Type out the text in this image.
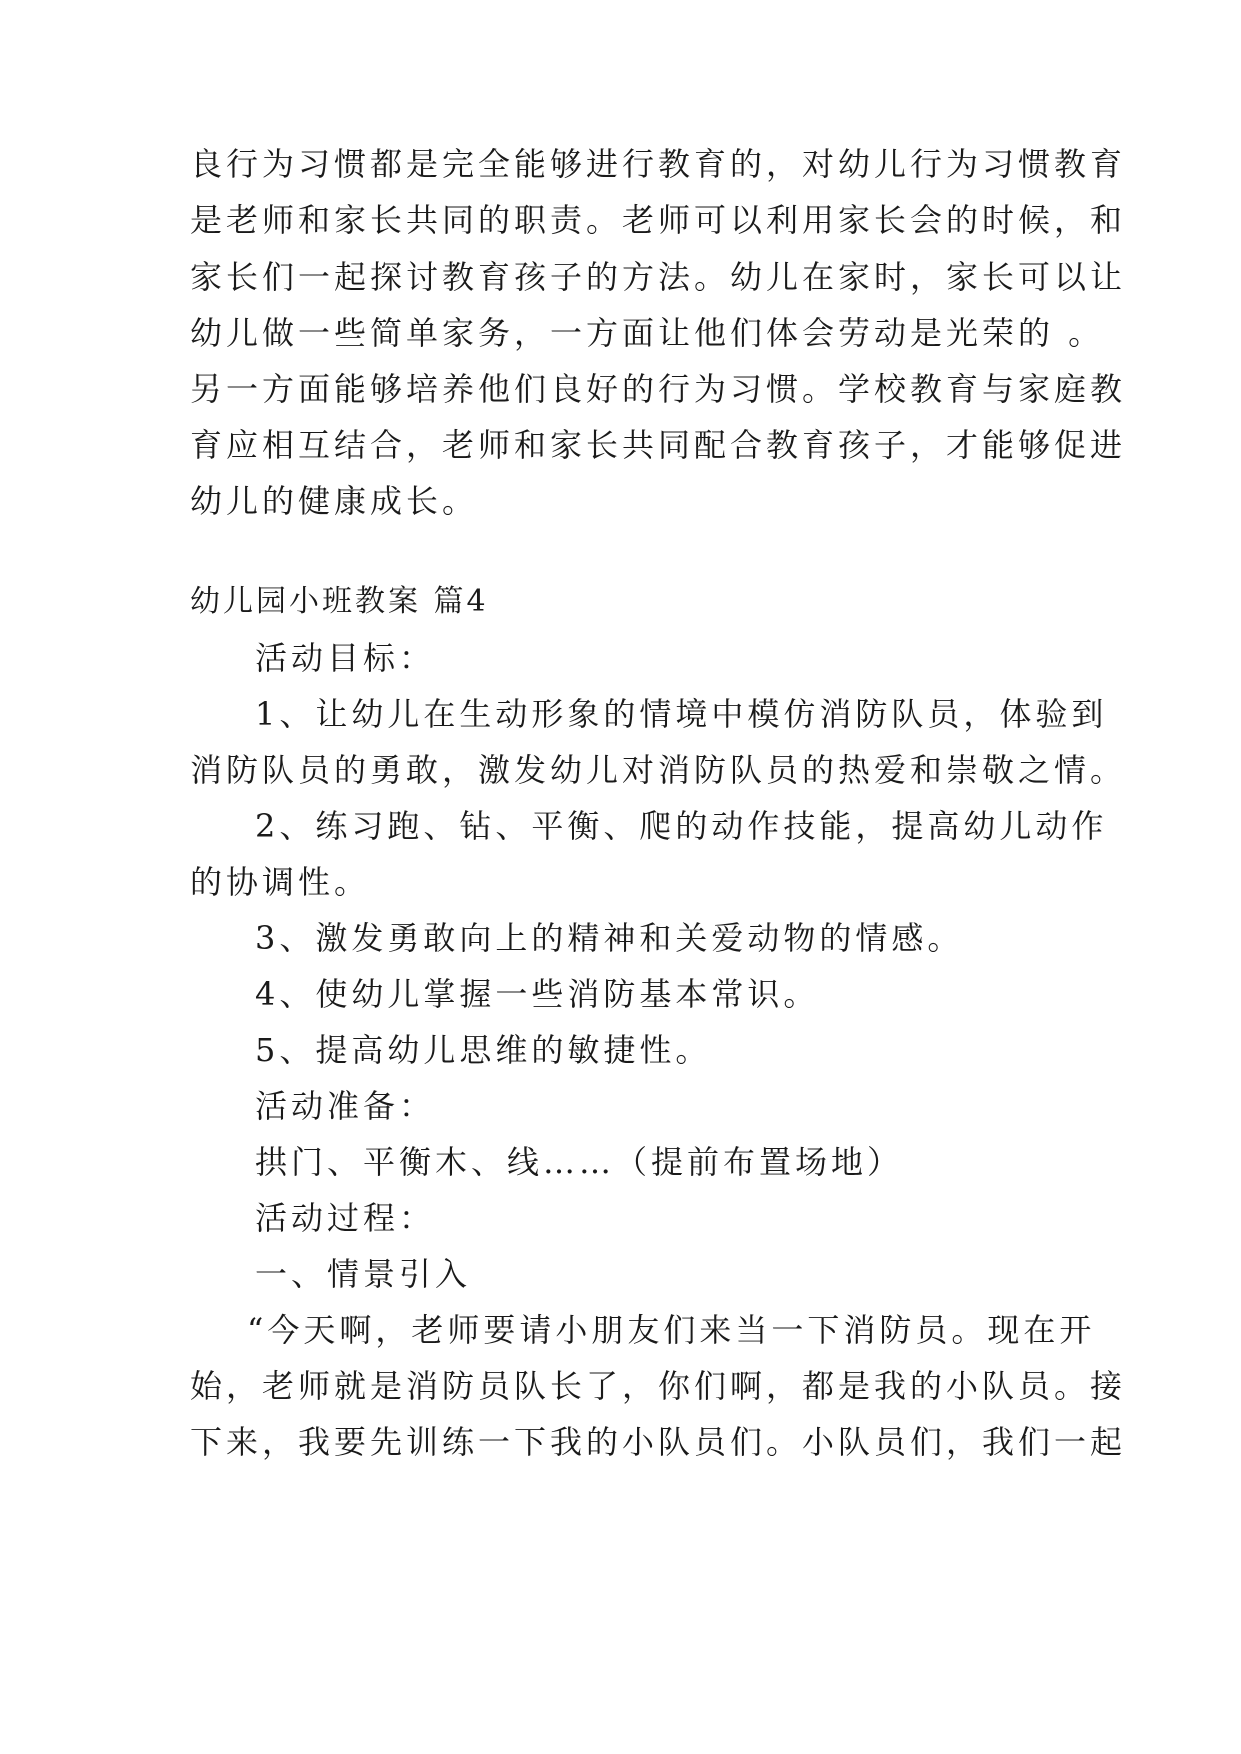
良行为习惯都是完全能够进行教育的，对幼儿行为习惯教育
是老师和家长共同的职责。老师可以利用家长会的时候，和
家长们一起探讨教育孩子的方法。幼儿在家时，家长可以让
幼儿做一些简单家务，一方面让他们体会劳动是光荣的 。
另一方面能够培养他们良好的行为习惯。学校教育与家庭教
育应相互结合，老师和家长共同配合教育孩子，才能够促进
幼儿的健康成长。
幼儿园小班教案 篇4
活动目标：
1、让幼儿在生动形象的情境中模仿消防队员，体验到
消防队员的勇敢，激发幼儿对消防队员的热爱和崇敬之情。
2、练习跑、钻、平衡、爬的动作技能，提高幼儿动作
的协调性。
3、激发勇敢向上的精神和关爱动物的情感。
4、使幼儿掌握一些消防基本常识。
5、提高幼儿思维的敏捷性。
活动准备：
拱门、平衡木、线……（提前布置场地）
活动过程：
一、情景引入
“今天啊，老师要请小朋友们来当一下消防员。现在开
始，老师就是消防员队长了，你们啊，都是我的小队员。接
下来，我要先训练一下我的小队员们。小队员们，我们一起
